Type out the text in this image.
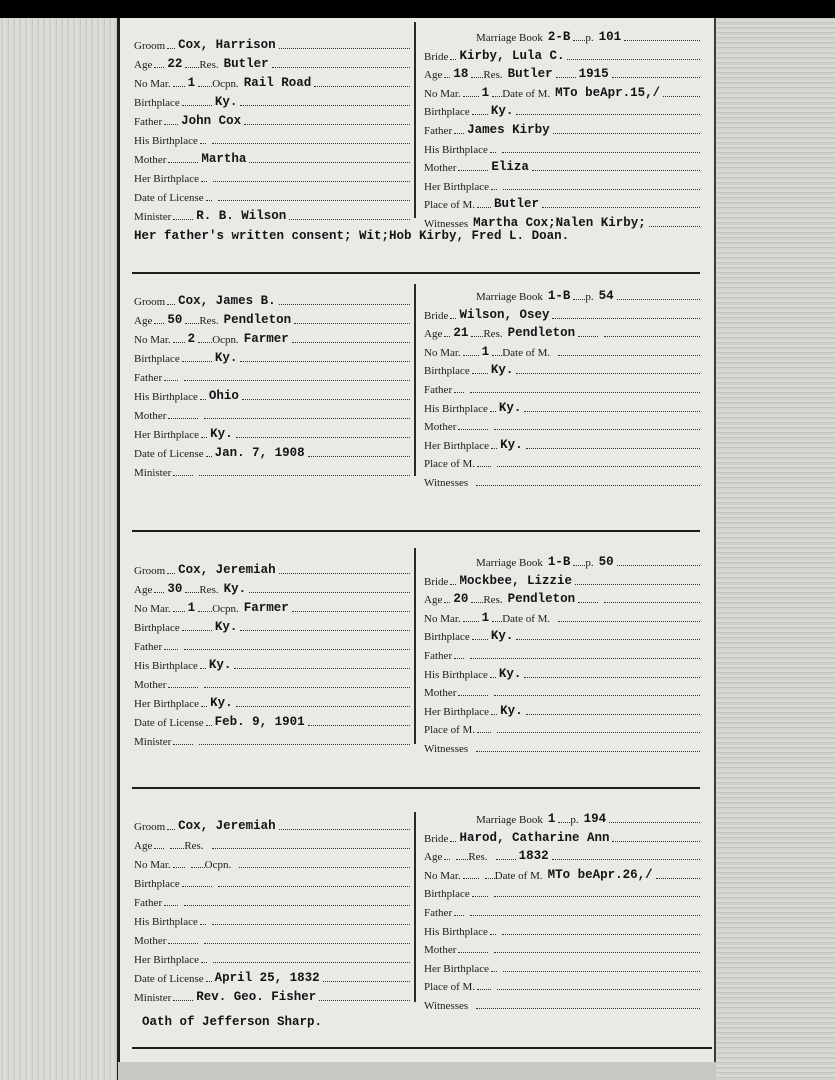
Groom Cox, Harrison
Age 22 Res. Butler
No Mar. 1 Ocpn. Rail Road
Birthplace	Ky.
Father John Cox
His Birthplace
Mother	Martha
Her Birthplace
Date of License
Minister R. B. Wilson
Marriage Book 2-B p. 101
Bride Kirby, Lula C.
Age 18 Res. Butler 1915
No Mar. 1 Date of M. MTo beApr.15,/
Birthplace Ky.
Father James Kirby
His Birthplace
Mother	Eliza
Her Birthplace
Place of M. Butler
Witnesses Martha Cox;Nalen Kirby;
Her father's written consent; Wit;Hob Kirby, Fred L. Doan.
Groom Cox, James B.
Age 50 Res. Pendleton
No Mar. 2 Ocpn. Farmer
Birthplace	Ky.
Father
His Birthplace Ohio
Mother
Her Birthplace Ky.
Date of License Jan. 7, 1908
Minister
Marriage Book 1-B p. 54
Bride Wilson, Osey
Age 21 Res. Pendleton
No Mar. 1 Date of M.
Birthplace Ky.
Father
His Birthplace Ky.
Mother
Her Birthplace Ky.
Place of M.
Witnesses
Groom Cox, Jeremiah
Age 30 Res. Ky.
No Mar. 1 Ocpn. Farmer
Birthplace	Ky.
Father
His Birthplace Ky.
Mother
Her Birthplace Ky.
Date of License Feb. 9, 1901
Minister
Marriage Book 1-B p. 50
Bride Mockbee, Lizzie
Age 20 Res. Pendleton
No Mar. 1 Date of M.
Birthplace Ky.
Father
His Birthplace Ky.
Mother
Her Birthplace Ky.
Place of M.
Witnesses
Groom Cox, Jeremiah
Age	Res.
No Mar.	Ocpn.
Birthplace
Father
His Birthplace
Mother
Her Birthplace
Date of License April 25, 1832
Minister Rev. Geo. Fisher
Marriage Book 1 p. 194
Bride Harod, Catharine Ann
Age Res. 1832
No Mar.	Date of M. MTo beApr.26,/
Birthplace
Father
His Birthplace
Mother
Her Birthplace
Place of M.
Witnesses
Oath of Jefferson Sharp.
